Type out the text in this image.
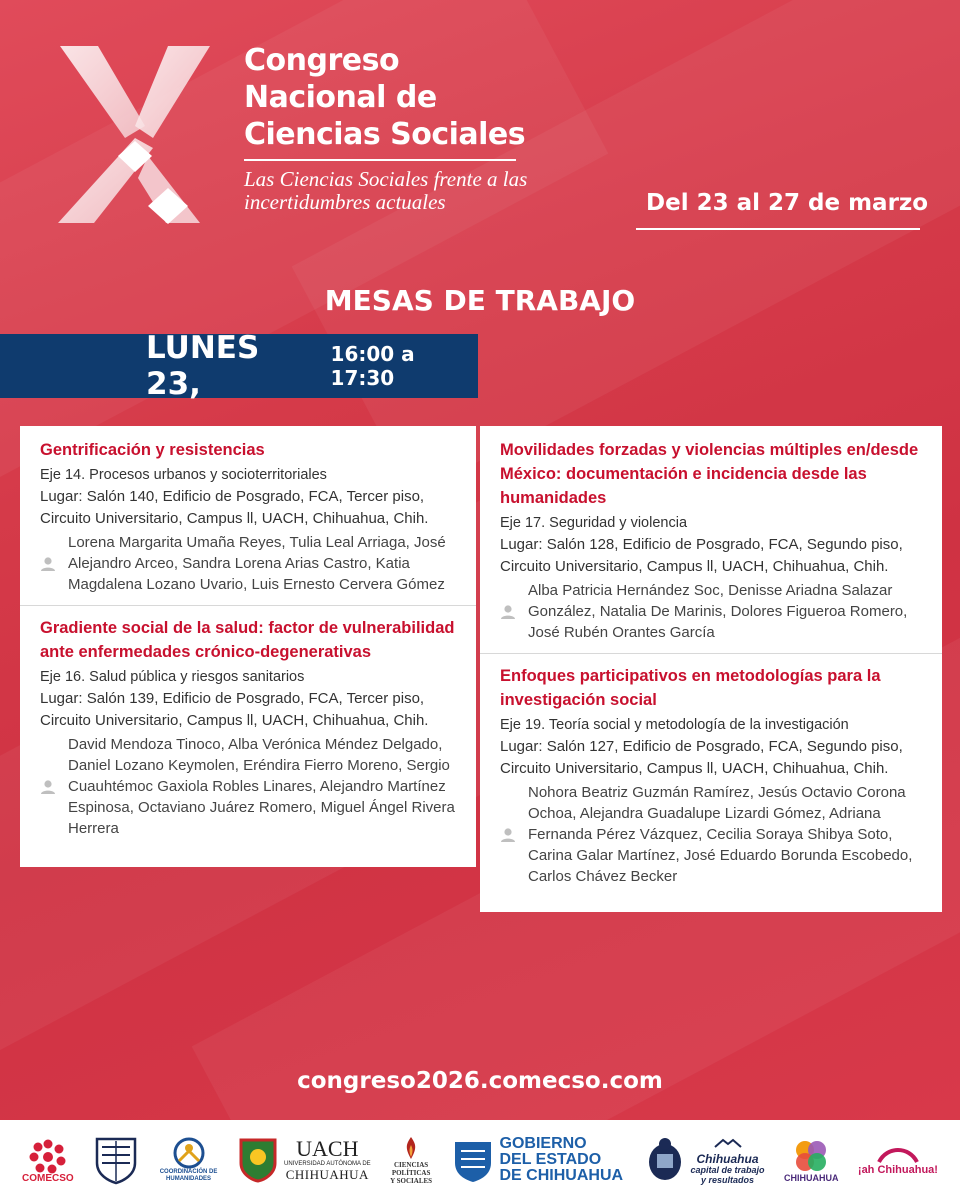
Congreso
Nacional de
Ciencias Sociales
Las Ciencias Sociales frente a las
incertidumbres actuales	Del 23 al 27 de marzo
MESAS DE TRABAJO
LUNES 23,
16:00 a 17:30
Gentrificación y resistencias
Eje 14. Procesos urbanos y socioterritoriales
Lugar: Salón 140, Edificio de Posgrado, FCA, Tercer piso, Circuito Universitario, Campus ll, UACH, Chihuahua, Chih.
Lorena Margarita Umaña Reyes, Tulia Leal Arriaga, José Alejandro Arceo, Sandra Lorena Arias Castro, Katia Magdalena Lozano Uvario, Luis Ernesto Cervera Gómez
Gradiente social de la salud: factor de vulnerabilidad ante enfermedades crónico-degenerativas
Eje 16. Salud pública y riesgos sanitarios
Lugar: Salón 139, Edificio de Posgrado, FCA, Tercer piso, Circuito Universitario, Campus ll, UACH, Chihuahua, Chih.
David Mendoza Tinoco, Alba Verónica Méndez Delgado, Daniel Lozano Keymolen, Eréndira Fierro Moreno, Sergio Cuauhtémoc Gaxiola Robles Linares, Alejandro Martínez Espinosa, Octaviano Juárez Romero, Miguel Ángel Rivera Herrera
Movilidades forzadas y violencias múltiples en/desde México: documentación e incidencia desde las humanidades
Eje 17. Seguridad y violencia
Lugar: Salón 128, Edificio de Posgrado, FCA, Segundo piso, Circuito Universitario, Campus ll, UACH, Chihuahua, Chih.
Alba Patricia Hernández Soc, Denisse Ariadna Salazar González, Natalia De Marinis, Dolores Figueroa Romero, José Rubén Orantes García
Enfoques participativos en metodologías para la investigación social
Eje 19. Teoría social y metodología de la investigación
Lugar: Salón 127, Edificio de Posgrado, FCA, Segundo piso, Circuito Universitario, Campus ll, UACH, Chihuahua, Chih.
Nohora Beatriz Guzmán Ramírez, Jesús Octavio Corona Ochoa, Alejandra Guadalupe Lizardi Gómez, Adriana Fernanda Pérez Vázquez, Cecilia Soraya Shibya Soto, Carina Galar Martínez, José Eduardo Borunda Escobedo, Carlos Chávez Becker
congreso2026.comecso.com
COMECSO
COORDINACIÓN DE HUMANIDADES
UACH
UNIVERSIDAD AUTÓNOMA DE
CHIHUAHUA
CIENCIAS
POLÍTICAS
Y SOCIALES
GOBIERNO
DEL ESTADO
DE CHIHUAHUA
Chihuahua
capital de trabajo
y resultados	CHIHUAHUA
¡ah Chihuahua!
